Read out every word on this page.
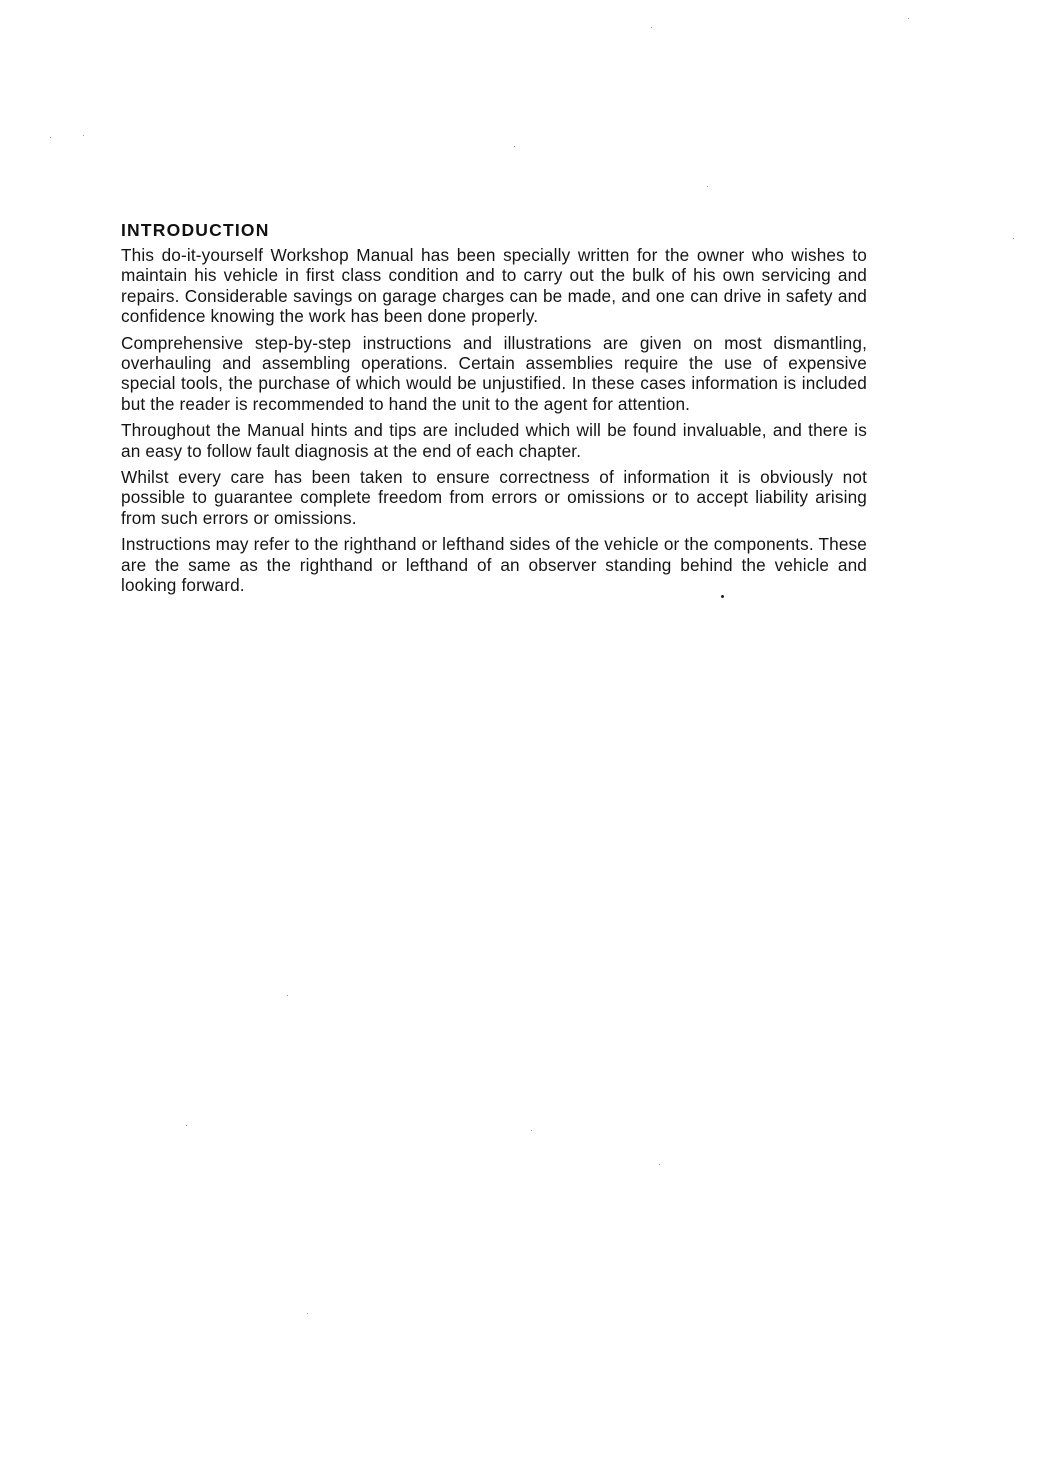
INTRODUCTION

This do-it-yourself Workshop Manual has been specially written for the owner who wishes to maintain his vehicle in first class condition and to carry out the bulk of his own servicing and repairs. Considerable savings on garage charges can be made, and one can drive in safety and confidence knowing the work has been done properly.

Comprehensive step-by-step instructions and illustrations are given on most dismantling, overhauling and assembling operations. Certain assemblies require the use of expensive special tools, the purchase of which would be unjustified. In these cases information is included but the reader is recommended to hand the unit to the agent for attention.

Throughout the Manual hints and tips are included which will be found invaluable, and there is an easy to follow fault diagnosis at the end of each chapter.

Whilst every care has been taken to ensure correctness of information it is obviously not possible to guarantee complete freedom from errors or omissions or to accept liability arising from such errors or omissions.

Instructions may refer to the righthand or lefthand sides of the vehicle or the components. These are the same as the righthand or lefthand of an observer standing behind the vehicle and looking forward.
